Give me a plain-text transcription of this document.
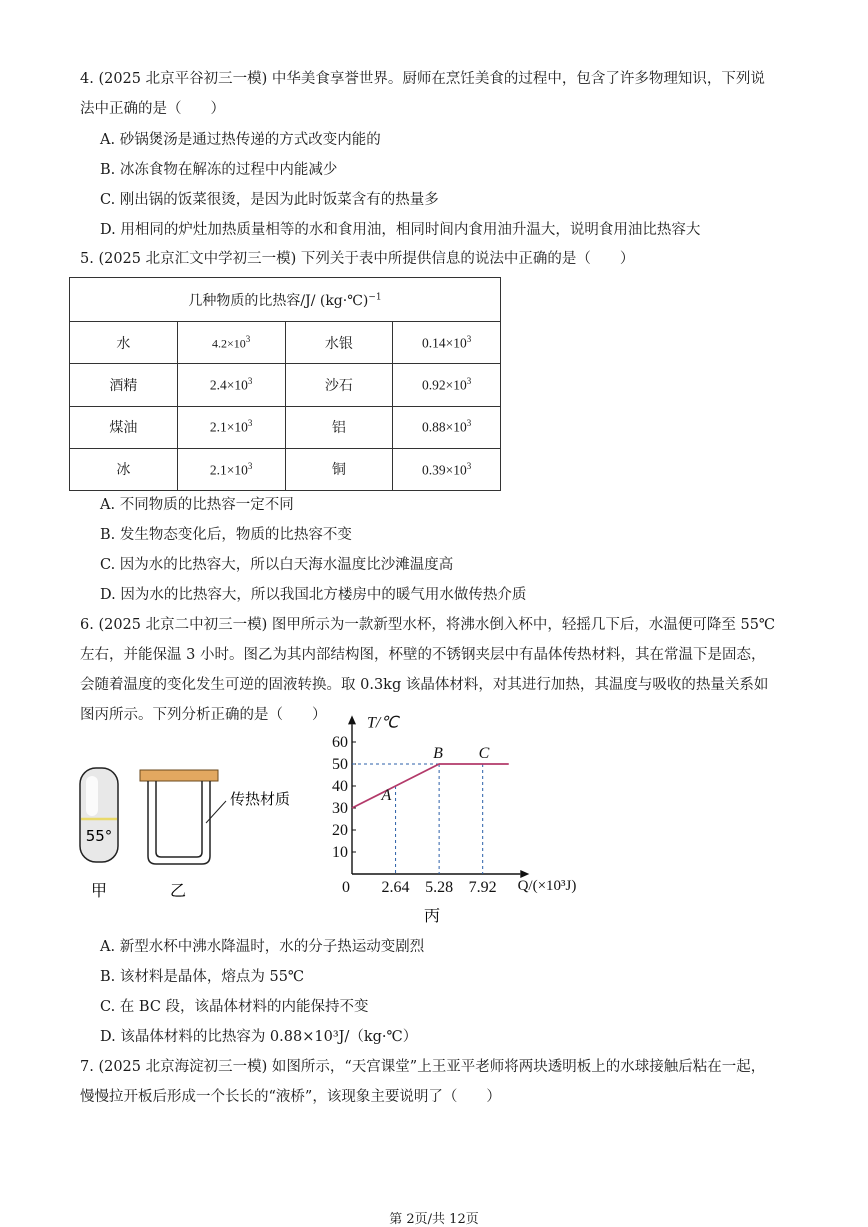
4. (2025 北京平谷初三一模) 中华美食享誉世界。厨师在烹饪美食的过程中，包含了许多物理知识，下列说
法中正确的是（　　）
A. 砂锅煲汤是通过热传递的方式改变内能的
B. 冰冻食物在解冻的过程中内能减少
C. 刚出锅的饭菜很烫，是因为此时饭菜含有的热量多
D. 用相同的炉灶加热质量相等的水和食用油，相同时间内食用油升温大，说明食用油比热容大
5. (2025 北京汇文中学初三一模) 下列关于表中所提供信息的说法中正确的是（　　）
几种物质的比热容/J/ (kg·℃)$^{-1}$
水	$4.2\times 10^3$	水银	$0.14\times 10^3$
酒精	$2.4\times 10^3$	沙石	$0.92\times 10^3$
煤油	$2.1\times 10^3$	铝	$0.88\times 10^3$
冰	$2.1\times 10^3$	铜	$0.39\times 10^3$
A. 不同物质的比热容一定不同
B. 发生物态变化后，物质的比热容不变
C. 因为水的比热容大，所以白天海水温度比沙滩温度高
D. 因为水的比热容大，所以我国北方楼房中的暖气用水做传热介质
6. (2025 北京二中初三一模) 图甲所示为一款新型水杯，将沸水倒入杯中，轻摇几下后，水温便可降至 55℃
左右，并能保温 3 小时。图乙为其内部结构图，杯壁的不锈钢夹层中有晶体传热材料，其在常温下是固态，
会随着温度的变化发生可逆的固液转换。取 0.3kg 该晶体材料，对其进行加热，其温度与吸收的热量关系如
图丙所示。下列分析正确的是（　　）
55°
甲
传热材质
乙
T/℃
Q/(×10³J)
10
20
30
40
50
60
0 2.64 5.28 7.92
A
B C
丙
A. 新型水杯中沸水降温时，水的分子热运动变剧烈
B. 该材料是晶体，熔点为 55℃
C. 在 BC 段，该晶体材料的内能保持不变
D. 该晶体材料的比热容为 0.88×10³J/（kg·℃）
7. (2025 北京海淀初三一模) 如图所示，“天宫课堂”上王亚平老师将两块透明板上的水球接触后粘在一起，
慢慢拉开板后形成一个长长的“液桥”，该现象主要说明了（　　）
第 2页/共 12页
